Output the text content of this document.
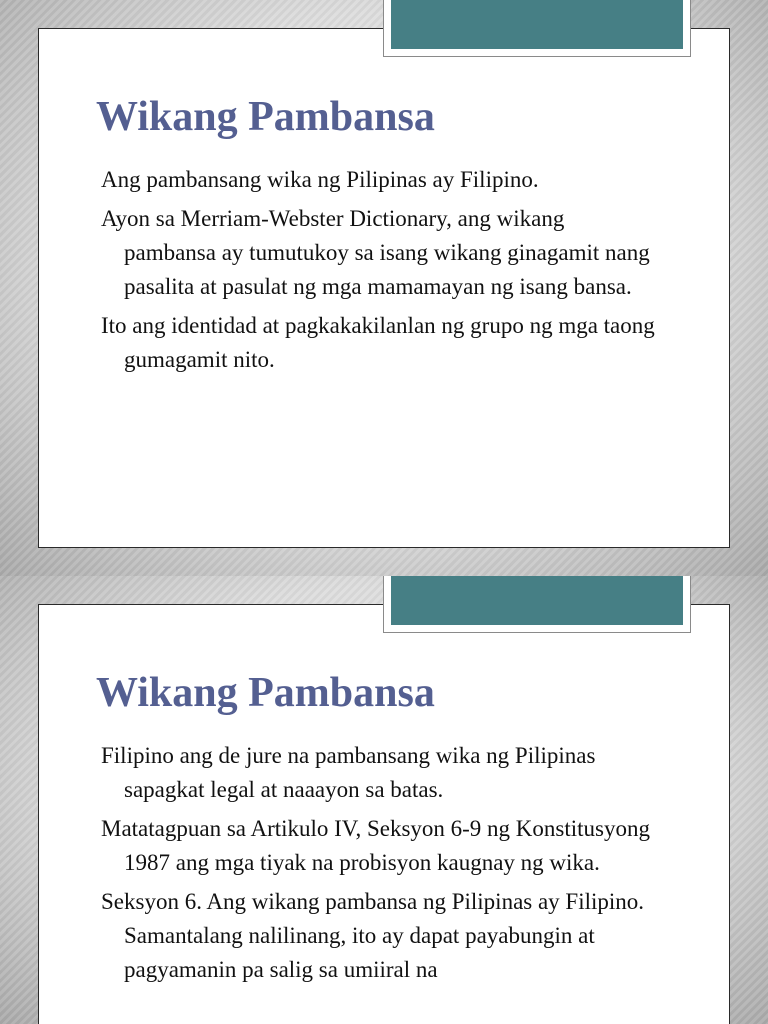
Wikang Pambansa
Ang pambansang wika ng Pilipinas ay Filipino.
Ayon sa Merriam-Webster Dictionary, ang wikang pambansa ay tumutukoy sa isang wikang ginagamit nang pasalita at pasulat ng mga mamamayan ng isang bansa.
Ito ang identidad at pagkakakilanlan ng grupo ng mga taong gumagamit nito.
Wikang Pambansa
Filipino ang de jure na pambansang wika ng Pilipinas sapagkat legal at naaayon sa batas.
Matatagpuan sa Artikulo IV, Seksyon 6-9 ng Konstitusyong 1987 ang mga tiyak na probisyon kaugnay ng wika.
Seksyon 6. Ang wikang pambansa ng Pilipinas ay Filipino. Samantalang nalilinang, ito ay dapat payabungin at pagyamanin pa salig sa umiiral na
